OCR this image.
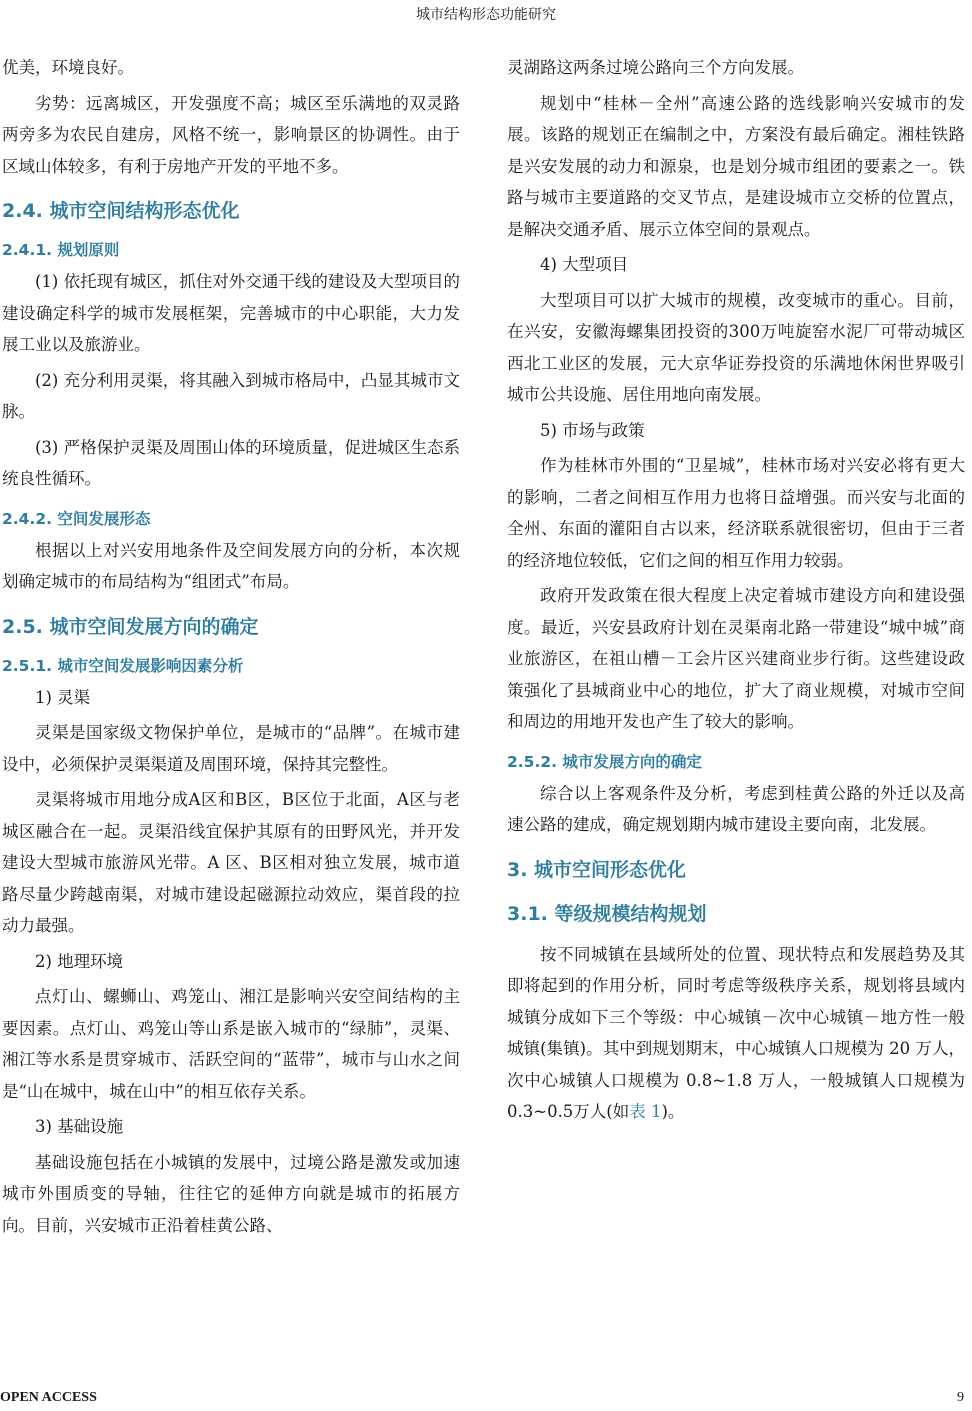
城市结构形态功能研究

优美，环境良好。

劣势：远离城区，开发强度不高；城区至乐满地的双灵路两旁多为农民自建房，风格不统一，影响景区的协调性。由于区域山体较多，有利于房地产开发的平地不多。

2.4. 城市空间结构形态优化
2.4.1. 规划原则

(1) 依托现有城区，抓住对外交通干线的建设及大型项目的建设确定科学的城市发展框架，完善城市的中心职能，大力发展工业以及旅游业。

(2) 充分利用灵渠，将其融入到城市格局中，凸显其城市文脉。

(3) 严格保护灵渠及周围山体的环境质量，促进城区生态系统良性循环。

2.4.2. 空间发展形态

根据以上对兴安用地条件及空间发展方向的分析，本次规划确定城市的布局结构为“组团式”布局。

2.5. 城市空间发展方向的确定
2.5.1. 城市空间发展影响因素分析

1) 灵渠

灵渠是国家级文物保护单位，是城市的“品牌”。在城市建设中，必须保护灵渠渠道及周围环境，保持其完整性。

灵渠将城市用地分成A区和B区，B区位于北面，A区与老城区融合在一起。灵渠沿线宜保护其原有的田野风光，并开发建设大型城市旅游风光带。A 区、B区相对独立发展，城市道路尽量少跨越南渠，对城市建设起磁源拉动效应，渠首段的拉动力最强。

2) 地理环境

点灯山、螺蛳山、鸡笼山、湘江是影响兴安空间结构的主要因素。点灯山、鸡笼山等山系是嵌入城市的“绿肺”，灵渠、湘江等水系是贯穿城市、活跃空间的“蓝带”，城市与山水之间是“山在城中，城在山中”的相互依存关系。

3) 基础设施

基础设施包括在小城镇的发展中，过境公路是激发或加速城市外围质变的导轴，往往它的延伸方向就是城市的拓展方向。目前，兴安城市正沿着桂黄公路、

灵湖路这两条过境公路向三个方向发展。

规划中“桂林－全州”高速公路的选线影响兴安城市的发展。该路的规划正在编制之中，方案没有最后确定。湘桂铁路是兴安发展的动力和源泉，也是划分城市组团的要素之一。铁路与城市主要道路的交叉节点，是建设城市立交桥的位置点，是解决交通矛盾、展示立体空间的景观点。

4) 大型项目

大型项目可以扩大城市的规模，改变城市的重心。目前，在兴安，安徽海螺集团投资的300万吨旋窑水泥厂可带动城区西北工业区的发展，元大京华证券投资的乐满地休闲世界吸引城市公共设施、居住用地向南发展。

5) 市场与政策

作为桂林市外围的“卫星城”，桂林市场对兴安必将有更大的影响，二者之间相互作用力也将日益增强。而兴安与北面的全州、东面的灌阳自古以来，经济联系就很密切，但由于三者的经济地位较低，它们之间的相互作用力较弱。

政府开发政策在很大程度上决定着城市建设方向和建设强度。最近，兴安县政府计划在灵渠南北路一带建设“城中城”商业旅游区，在祖山槽－工会片区兴建商业步行街。这些建设政策强化了县城商业中心的地位，扩大了商业规模，对城市空间和周边的用地开发也产生了较大的影响。

2.5.2. 城市发展方向的确定

综合以上客观条件及分析，考虑到桂黄公路的外迁以及高速公路的建成，确定规划期内城市建设主要向南，北发展。

3. 城市空间形态优化
3.1. 等级规模结构规划

按不同城镇在县域所处的位置、现状特点和发展趋势及其即将起到的作用分析，同时考虑等级秩序关系，规划将县域内城镇分成如下三个等级：中心城镇－次中心城镇－地方性一般城镇(集镇)。其中到规划期末，中心城镇人口规模为 20 万人，次中心城镇人口规模为 0.8~1.8 万人，一般城镇人口规模为 0.3~0.5万人(如表 1)。

OPEN ACCESS	9
